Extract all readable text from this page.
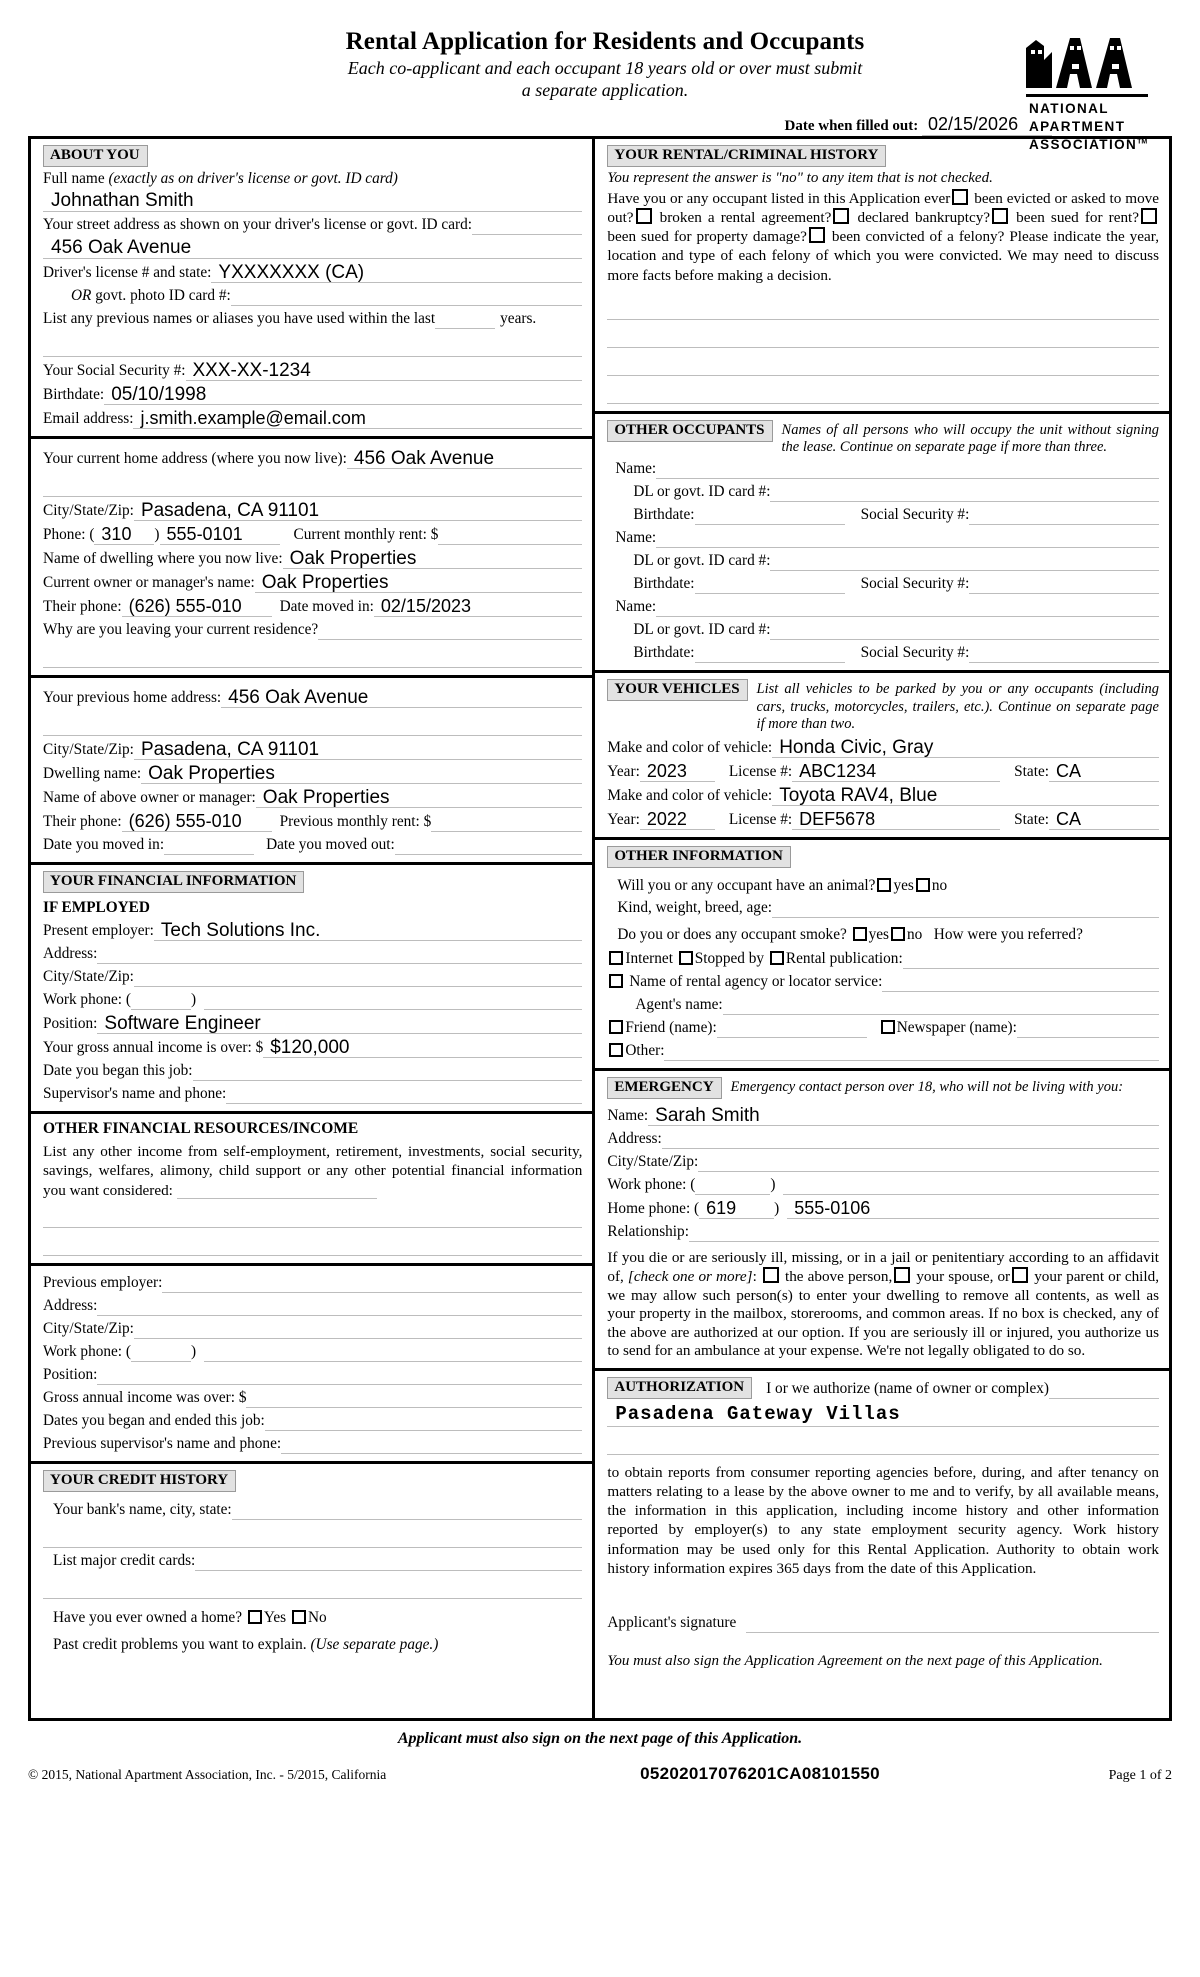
Rental Application for Residents and Occupants
Each co-applicant and each occupant 18 years old or over must submit
a separate application.
NATIONAL
APARTMENT
ASSOCIATION™
Date when filled out: 02/15/2026
ABOUT YOU
Full name (exactly as on driver's license or govt. ID card)
Johnathan Smith
Your street address as shown on your driver's license or govt. ID card:
456 Oak Avenue
Driver's license # and state: YXXXXXXX (CA)
OR govt. photo ID card #:
List any previous names or aliases you have used within the last	years.
Your Social Security #: XXX-XX-1234
Birthdate: 05/10/1998
Email address: j.smith.example@email.com
Your current home address (where you now live): 456 Oak Avenue
City/State/Zip: Pasadena, CA 91101
Phone: ( 310	) 555-0101	Current monthly rent: $
Name of dwelling where you now live: Oak Properties
Current owner or manager's name: Oak Properties
Their phone: (626) 555-010	Date moved in: 02/15/2023
Why are you leaving your current residence?
Your previous home address: 456 Oak Avenue
City/State/Zip: Pasadena, CA 91101
Dwelling name: Oak Properties
Name of above owner or manager: Oak Properties
Their phone: (626) 555-010	Previous monthly rent: $
Date you moved in:	Date you moved out:
YOUR FINANCIAL INFORMATION
IF EMPLOYED
Present employer: Tech Solutions Inc.
Address:
City/State/Zip:
Work phone: (	)
Position: Software Engineer
Your gross annual income is over: $ $120,000
Date you began this job:
Supervisor's name and phone:
OTHER FINANCIAL RESOURCES/INCOME
List any other income from self-employment, retirement, investments, social security, savings, welfares, alimony, child support or any other potential financial information you want considered:
Previous employer:
Address:
City/State/Zip:
Work phone: (	)
Position:
Gross annual income was over: $
Dates you began and ended this job:
Previous supervisor's name and phone:
YOUR CREDIT HISTORY
Your bank's name, city, state:
List major credit cards:
Have you ever owned a home? Yes No
Past credit problems you want to explain. (Use separate page.)
YOUR RENTAL/CRIMINAL HISTORY
You represent the answer is "no" to any item that is not checked.
Have you or any occupant listed in this Application ever been evicted or asked to move out? broken a rental agreement? declared bankruptcy? been sued for rent? been sued for property damage? been convicted of a felony? Please indicate the year, location and type of each felony of which you were convicted. We may need to discuss more facts before making a decision.
OTHER OCCUPANTS	Names of all persons who will occupy the unit without signing the lease. Continue on separate page if more than three.
Name:
DL or govt. ID card #:
Birthdate:	Social Security #:
Name:
DL or govt. ID card #:
Birthdate:	Social Security #:
Name:
DL or govt. ID card #:
Birthdate:	Social Security #:
YOUR VEHICLES	List all vehicles to be parked by you or any occupants (including cars, trucks, motorcycles, trailers, etc.). Continue on separate page if more than two.
Make and color of vehicle: Honda Civic, Gray
Year: 2023	License #: ABC1234	State: CA
Make and color of vehicle: Toyota RAV4, Blue
Year: 2022	License #: DEF5678	State: CA
OTHER INFORMATION
Will you or any occupant have an animal? yes no
Kind, weight, breed, age:
Do you or does any occupant smoke? yes no How were you referred?
Internet Stopped by Rental publication:
Name of rental agency or locator service:
Agent's name:
Friend (name):	Newspaper (name):
Other:
EMERGENCY	Emergency contact person over 18, who will not be living with you:
Name: Sarah Smith
Address:
City/State/Zip:
Work phone: (	)
Home phone: ( 619	) 555-0106
Relationship:
If you die or are seriously ill, missing, or in a jail or penitentiary according to an affidavit of, [check one or more]: the above person, your spouse, or your parent or child, we may allow such person(s) to enter your dwelling to remove all contents, as well as your property in the mailbox, storerooms, and common areas. If no box is checked, any of the above are authorized at our option. If you are seriously ill or injured, you authorize us to send for an ambulance at your expense. We're not legally obligated to do so.
AUTHORIZATION	I or we authorize (name of owner or complex)
Pasadena Gateway Villas
to obtain reports from consumer reporting agencies before, during, and after tenancy on matters relating to a lease by the above owner to me and to verify, by all available means, the information in this application, including income history and other information reported by employer(s) to any state employment security agency. Work history information may be used only for this Rental Application. Authority to obtain work history information expires 365 days from the date of this Application.
Applicant's signature
You must also sign the Application Agreement on the next page of this Application.
Applicant must also sign on the next page of this Application.
© 2015, National Apartment Association, Inc. - 5/2015, California	05202017076201CA08101550	Page 1 of 2
